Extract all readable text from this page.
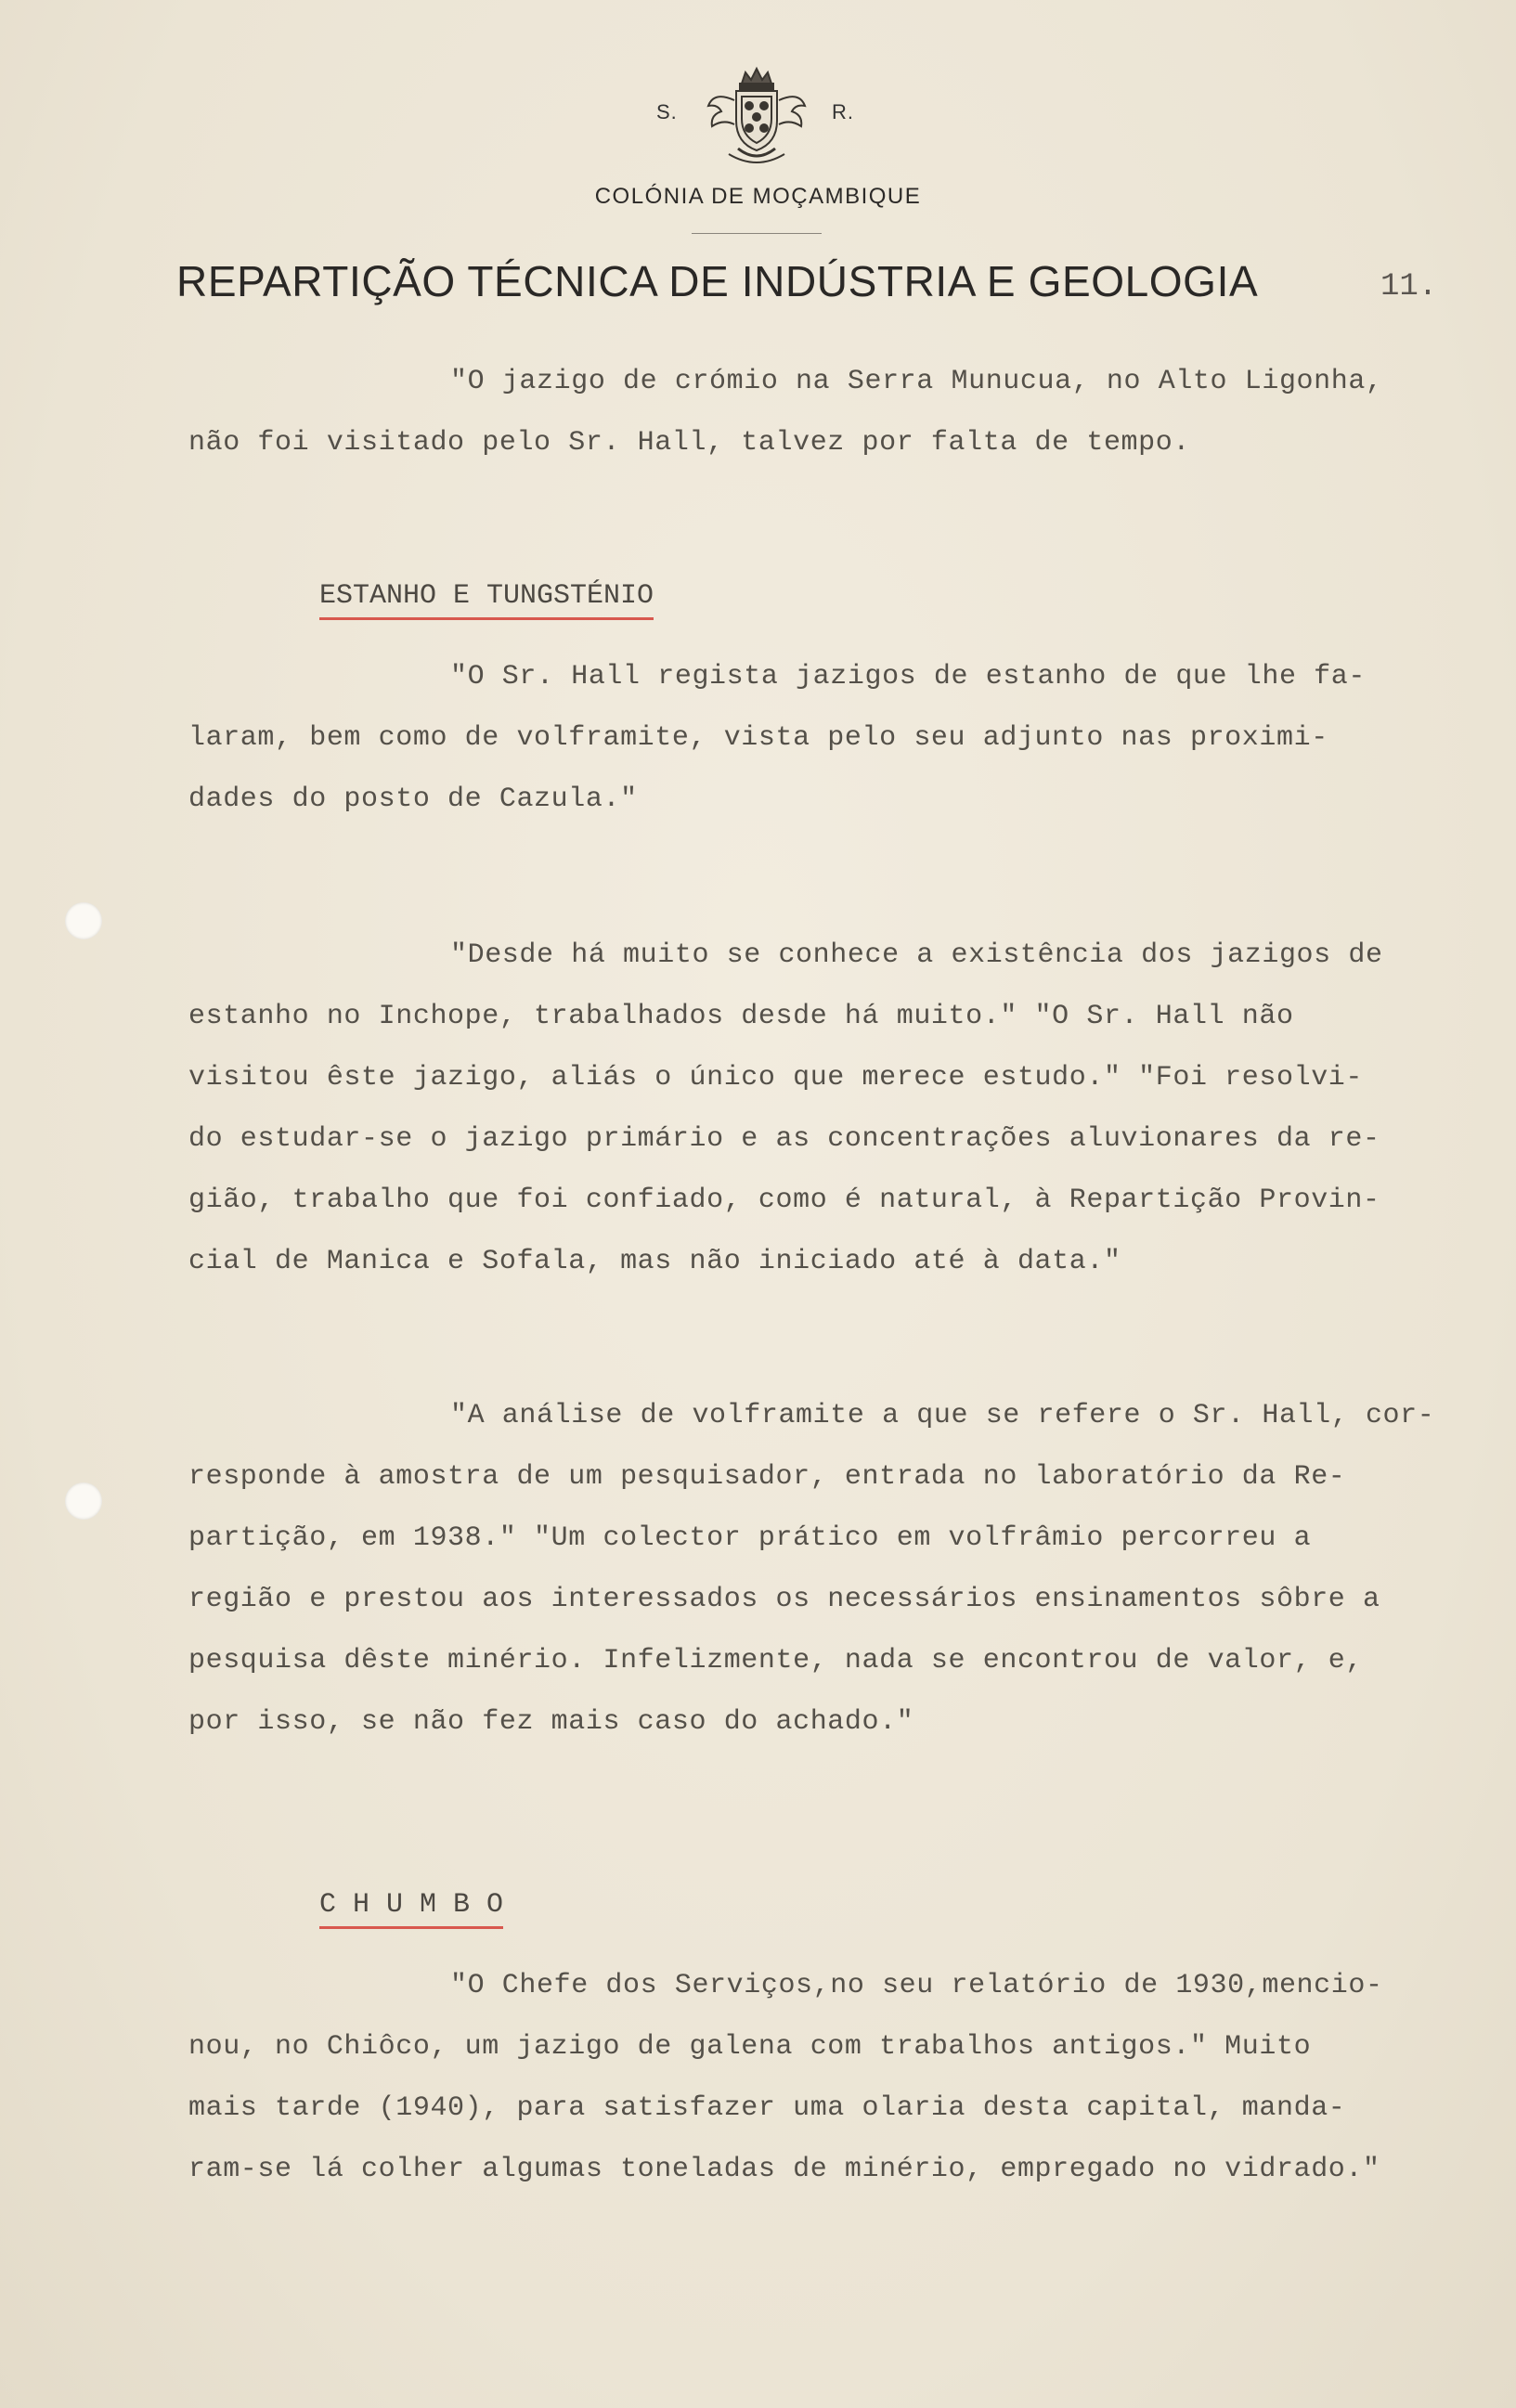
S.	R.
COLÓNIA DE MOÇAMBIQUE
REPARTIÇÃO TÉCNICA DE INDÚSTRIA E GEOLOGIA	11.
"O jazigo de crómio na Serra Munucua, no Alto Ligonha,
não foi visitado pelo Sr. Hall, talvez por falta de tempo.
ESTANHO E TUNGSTÉNIO
"O Sr. Hall regista jazigos de estanho de que lhe fa-
laram, bem como de volframite, vista pelo seu adjunto nas proximi-
dades do posto de Cazula."
"Desde há muito se conhece a existência dos jazigos de
estanho no Inchope, trabalhados desde há muito." "O Sr. Hall não
visitou êste jazigo, aliás o único que merece estudo." "Foi resolvi-
do estudar-se o jazigo primário e as concentrações aluvionares da re-
gião, trabalho que foi confiado, como é natural, à Repartição Provin-
cial de Manica e Sofala, mas não iniciado até à data."
"A análise de volframite a que se refere o Sr. Hall, cor-
responde à amostra de um pesquisador, entrada no laboratório da Re-
partição, em 1938." "Um colector prático em volfrâmio percorreu a
região e prestou aos interessados os necessários ensinamentos sôbre a
pesquisa dêste minério. Infelizmente, nada se encontrou de valor, e,
por isso, se não fez mais caso do achado."
C H U M B O
"O Chefe dos Serviços,no seu relatório de 1930,mencio-
nou, no Chiôco, um jazigo de galena com trabalhos antigos." Muito
mais tarde (1940), para satisfazer uma olaria desta capital, manda-
ram-se lá colher algumas toneladas de minério, empregado no vidrado."
